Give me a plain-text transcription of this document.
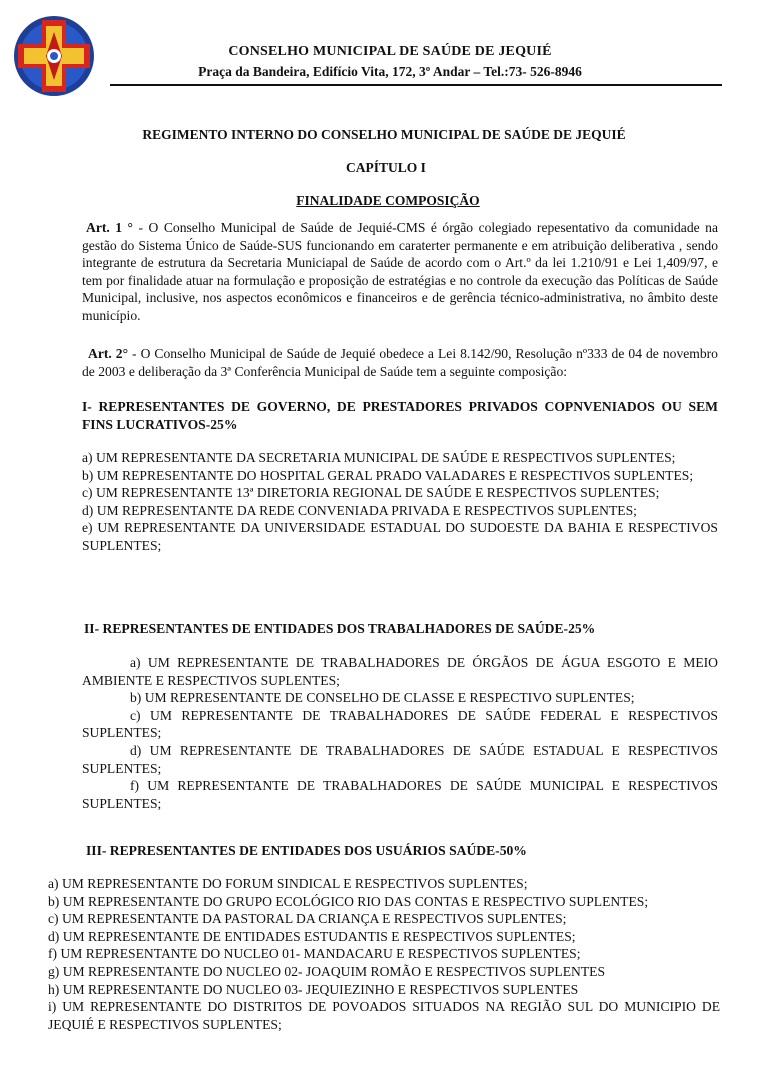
CONSELHO MUNICIPAL DE SAÚDE DE JEQUIÉ
Praça da Bandeira, Edifício Vita, 172, 3º Andar – Tel.:73- 526-8946
REGIMENTO INTERNO DO CONSELHO MUNICIPAL DE SAÚDE DE JEQUIÉ
CAPÍTULO I
FINALIDADE COMPOSIÇÃO
Art. 1 ° - O Conselho Municipal de Saúde de Jequié-CMS é órgão colegiado repesentativo da comunidade na gestão do Sistema Único de Saúde-SUS funcionando em caraterter permanente e em atribuição deliberativa , sendo integrante de estrutura da Secretaria Municiapal de Saúde de acordo com o Art.º da lei 1.210/91 e Lei 1,409/97, e tem por finalidade atuar na formulação e proposição de estratégias e no controle da execução das Políticas de Saúde Municipal, inclusive, nos aspectos econômicos e financeiros e de gerência técnico-administrativa, no âmbito deste município.
Art. 2° - O Conselho Municipal de Saúde de Jequié obedece a Lei 8.142/90, Resolução nº333 de 04 de novembro de 2003 e deliberação da 3ª Conferência Municipal de Saúde tem a seguinte composição:
I- REPRESENTANTES DE GOVERNO, DE PRESTADORES PRIVADOS COPNVENIADOS OU SEM FINS LUCRATIVOS-25%
a) UM REPRESENTANTE DA SECRETARIA MUNICIPAL DE SAÚDE E RESPECTIVOS SUPLENTES;
b) UM REPRESENTANTE DO HOSPITAL GERAL PRADO VALADARES E RESPECTIVOS SUPLENTES;
c) UM REPRESENTANTE 13ª DIRETORIA REGIONAL DE SAÚDE E RESPECTIVOS SUPLENTES;
d) UM REPRESENTANTE DA REDE CONVENIADA PRIVADA E RESPECTIVOS SUPLENTES;
e) UM REPRESENTANTE DA UNIVERSIDADE ESTADUAL DO SUDOESTE DA BAHIA E RESPECTIVOS SUPLENTES;
II- REPRESENTANTES DE ENTIDADES DOS TRABALHADORES DE SAÚDE-25%
a) UM REPRESENTANTE DE TRABALHADORES DE ÓRGÃOS DE ÁGUA ESGOTO E MEIO AMBIENTE E RESPECTIVOS SUPLENTES;
b) UM REPRESENTANTE DE CONSELHO DE CLASSE E RESPECTIVO SUPLENTES;
c) UM REPRESENTANTE DE TRABALHADORES DE SAÚDE FEDERAL E RESPECTIVOS SUPLENTES;
d) UM REPRESENTANTE DE TRABALHADORES DE SAÚDE ESTADUAL E RESPECTIVOS SUPLENTES;
f) UM REPRESENTANTE DE TRABALHADORES DE SAÚDE MUNICIPAL E RESPECTIVOS SUPLENTES;
III- REPRESENTANTES DE ENTIDADES DOS USUÁRIOS SAÚDE-50%
a) UM REPRESENTANTE DO FORUM SINDICAL E RESPECTIVOS SUPLENTES;
b) UM REPRESENTANTE DO GRUPO ECOLÓGICO RIO DAS CONTAS E RESPECTIVO SUPLENTES;
c) UM REPRESENTANTE DA PASTORAL DA CRIANÇA E RESPECTIVOS SUPLENTES;
d) UM REPRESENTANTE DE ENTIDADES ESTUDANTIS E RESPECTIVOS SUPLENTES;
f) UM REPRESENTANTE DO NUCLEO 01- MANDACARU E RESPECTIVOS SUPLENTES;
g) UM REPRESENTANTE DO NUCLEO 02- JOAQUIM ROMÃO E RESPECTIVOS SUPLENTES
h) UM REPRESENTANTE DO NUCLEO 03- JEQUIEZINHO E RESPECTIVOS SUPLENTES
i) UM REPRESENTANTE DO DISTRITOS DE POVOADOS SITUADOS NA REGIÃO SUL DO MUNICIPIO DE JEQUIÉ E RESPECTIVOS SUPLENTES;
